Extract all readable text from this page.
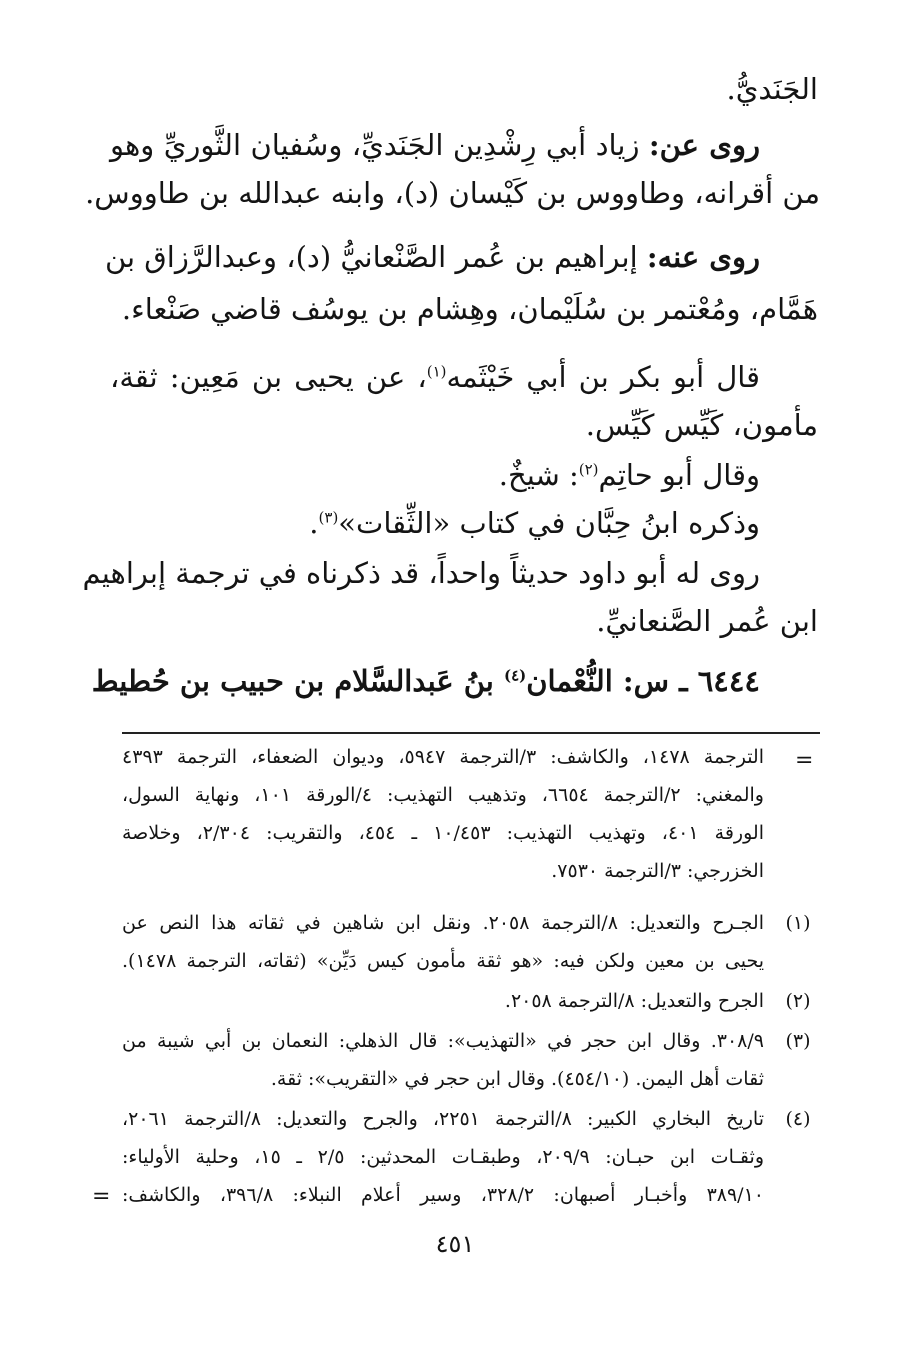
الجَنَديُّ.
روى عن: زياد أبي رِشْدِين الجَنَديِّ، وسُفيان الثَّوريِّ وهو
من أقرانه، وطاووس بن كَيْسان (د)، وابنه عبدالله بن طاووس.
روى عنه: إبراهيم بن عُمر الصَّنْعانيُّ (د)، وعبدالرَّزاق بن
هَمَّام، ومُعْتمر بن سُلَيْمان، وهِشام بن يوسُف قاضي صَنْعاء.
قال أبو بكر بن أبي خَيْثَمه$^{(١)}$، عن يحيى بن مَعِين: ثقة،
مأمون، كَيِّس كَيِّس.
وقال أبو حاتِم$^{(٢)}$: شيخٌ.
وذكره ابنُ حِبَّان في كتاب «الثِّقات»$^{(٣)}$.
روى له أبو داود حديثاً واحداً، قد ذكرناه في ترجمة إبراهيم
ابن عُمر الصَّنعانيِّ.
٦٤٤٤ ـ س: النُّعْمان$^{(٤)}$ بنُ عَبدالسَّلام بن حبيب بن حُطيط
=
الترجمة ١٤٧٨، والكاشف: ٣/الترجمة ٥٩٤٧، وديوان الضعفاء، الترجمة ٤٣٩٣
والمغني: ٢/الترجمة ٦٦٥٤، وتذهيب التهذيب: ٤/الورقة ١٠١، ونهاية السول،
الورقة ٤٠١، وتهذيب التهذيب: ١٠/٤٥٣ ـ ٤٥٤، والتقريب: ٢/٣٠٤، وخلاصة
الخزرجي: ٣/الترجمة ٧٥٣٠.
(١)
الجـرح والتعديل: ٨/الترجمة ٢٠٥٨. ونقل ابن شاهين في ثقاته هذا النص عن
يحيى بن معين ولكن فيه: «هو ثقة مأمون كيس دَيِّن» (ثقاته، الترجمة ١٤٧٨).
(٢)
الجرح والتعديل: ٨/الترجمة ٢٠٥٨.
(٣)
٣٠٨/٩. وقال ابن حجر في «التهذيب»: قال الذهلي: النعمان بن أبي شيبة من
ثقات أهل اليمن. (٤٥٤/١٠). وقال ابن حجر في «التقريب»: ثقة.
(٤)
تاريخ البخاري الكبير: ٨/الترجمة ٢٢٥١، والجرح والتعديل: ٨/الترجمة ٢٠٦١،
وثقـات ابن حبـان: ٢٠٩/٩، وطبقـات المحدثين: ٢/٥ ـ ١٥، وحلية الأولياء:
٣٨٩/١٠ وأخبـار أصبهان: ٣٢٨/٢، وسير أعلام النبلاء: ٣٩٦/٨، والكاشف:
=
٤٥١
